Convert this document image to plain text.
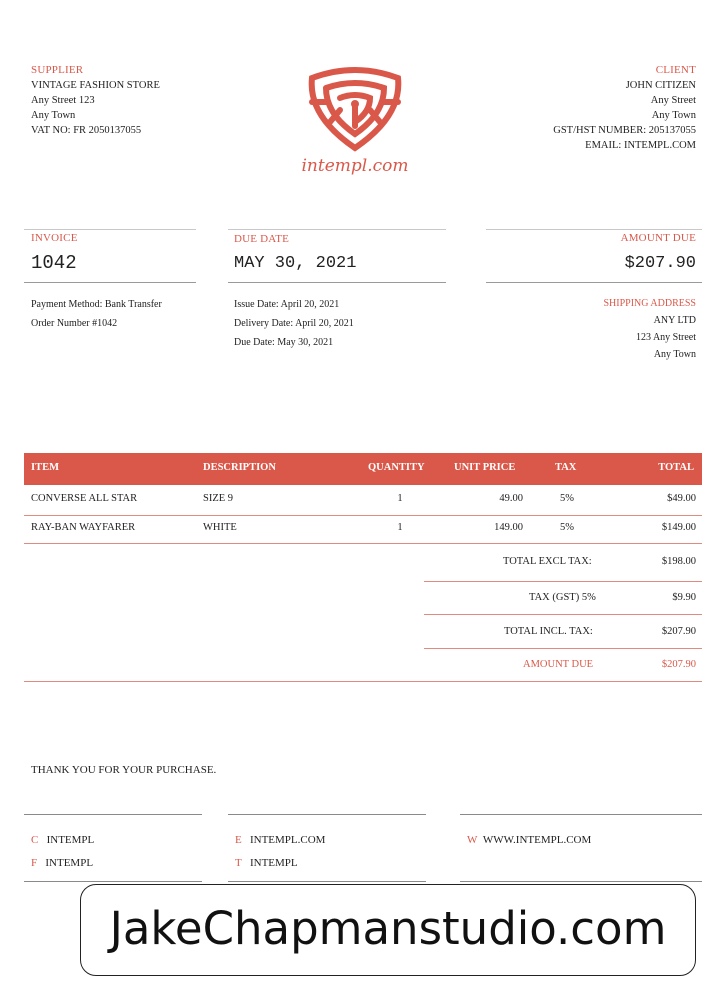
SUPPLIER
VINTAGE FASHION STORE
Any Street 123
Any Town
VAT NO: FR 2050137055
intempl.com
CLIENT
JOHN CITIZEN
Any Street
Any Town
GST/HST NUMBER: 205137055
EMAIL: INTEMPL.COM
INVOICE
1042
DUE DATE
MAY 30, 2021
AMOUNT DUE
$207.90
Payment Method: Bank Transfer
Order Number #1042
Issue Date: April 20, 2021
Delivery Date: April 20, 2021
Due Date: May 30, 2021
SHIPPING ADDRESS
ANY LTD
123 Any Street
Any Town
ITEM	DESCRIPTION	QUANTITY	UNIT PRICE	TAX	TOTAL
CONVERSE ALL STAR	SIZE 9	1	49.00	5%	$49.00
RAY-BAN WAYFARER	WHITE	1	149.00	5%	$149.00
TOTAL EXCL TAX:	$198.00
TAX (GST) 5%	$9.90
TOTAL INCL. TAX:	$207.90
AMOUNT DUE	$207.90
THANK YOU FOR YOUR PURCHASE.
C INTEMPL
F INTEMPL
E INTEMPL.COM
T INTEMPL
W WWW.INTEMPL.COM
JakeChapmanstudio.com
